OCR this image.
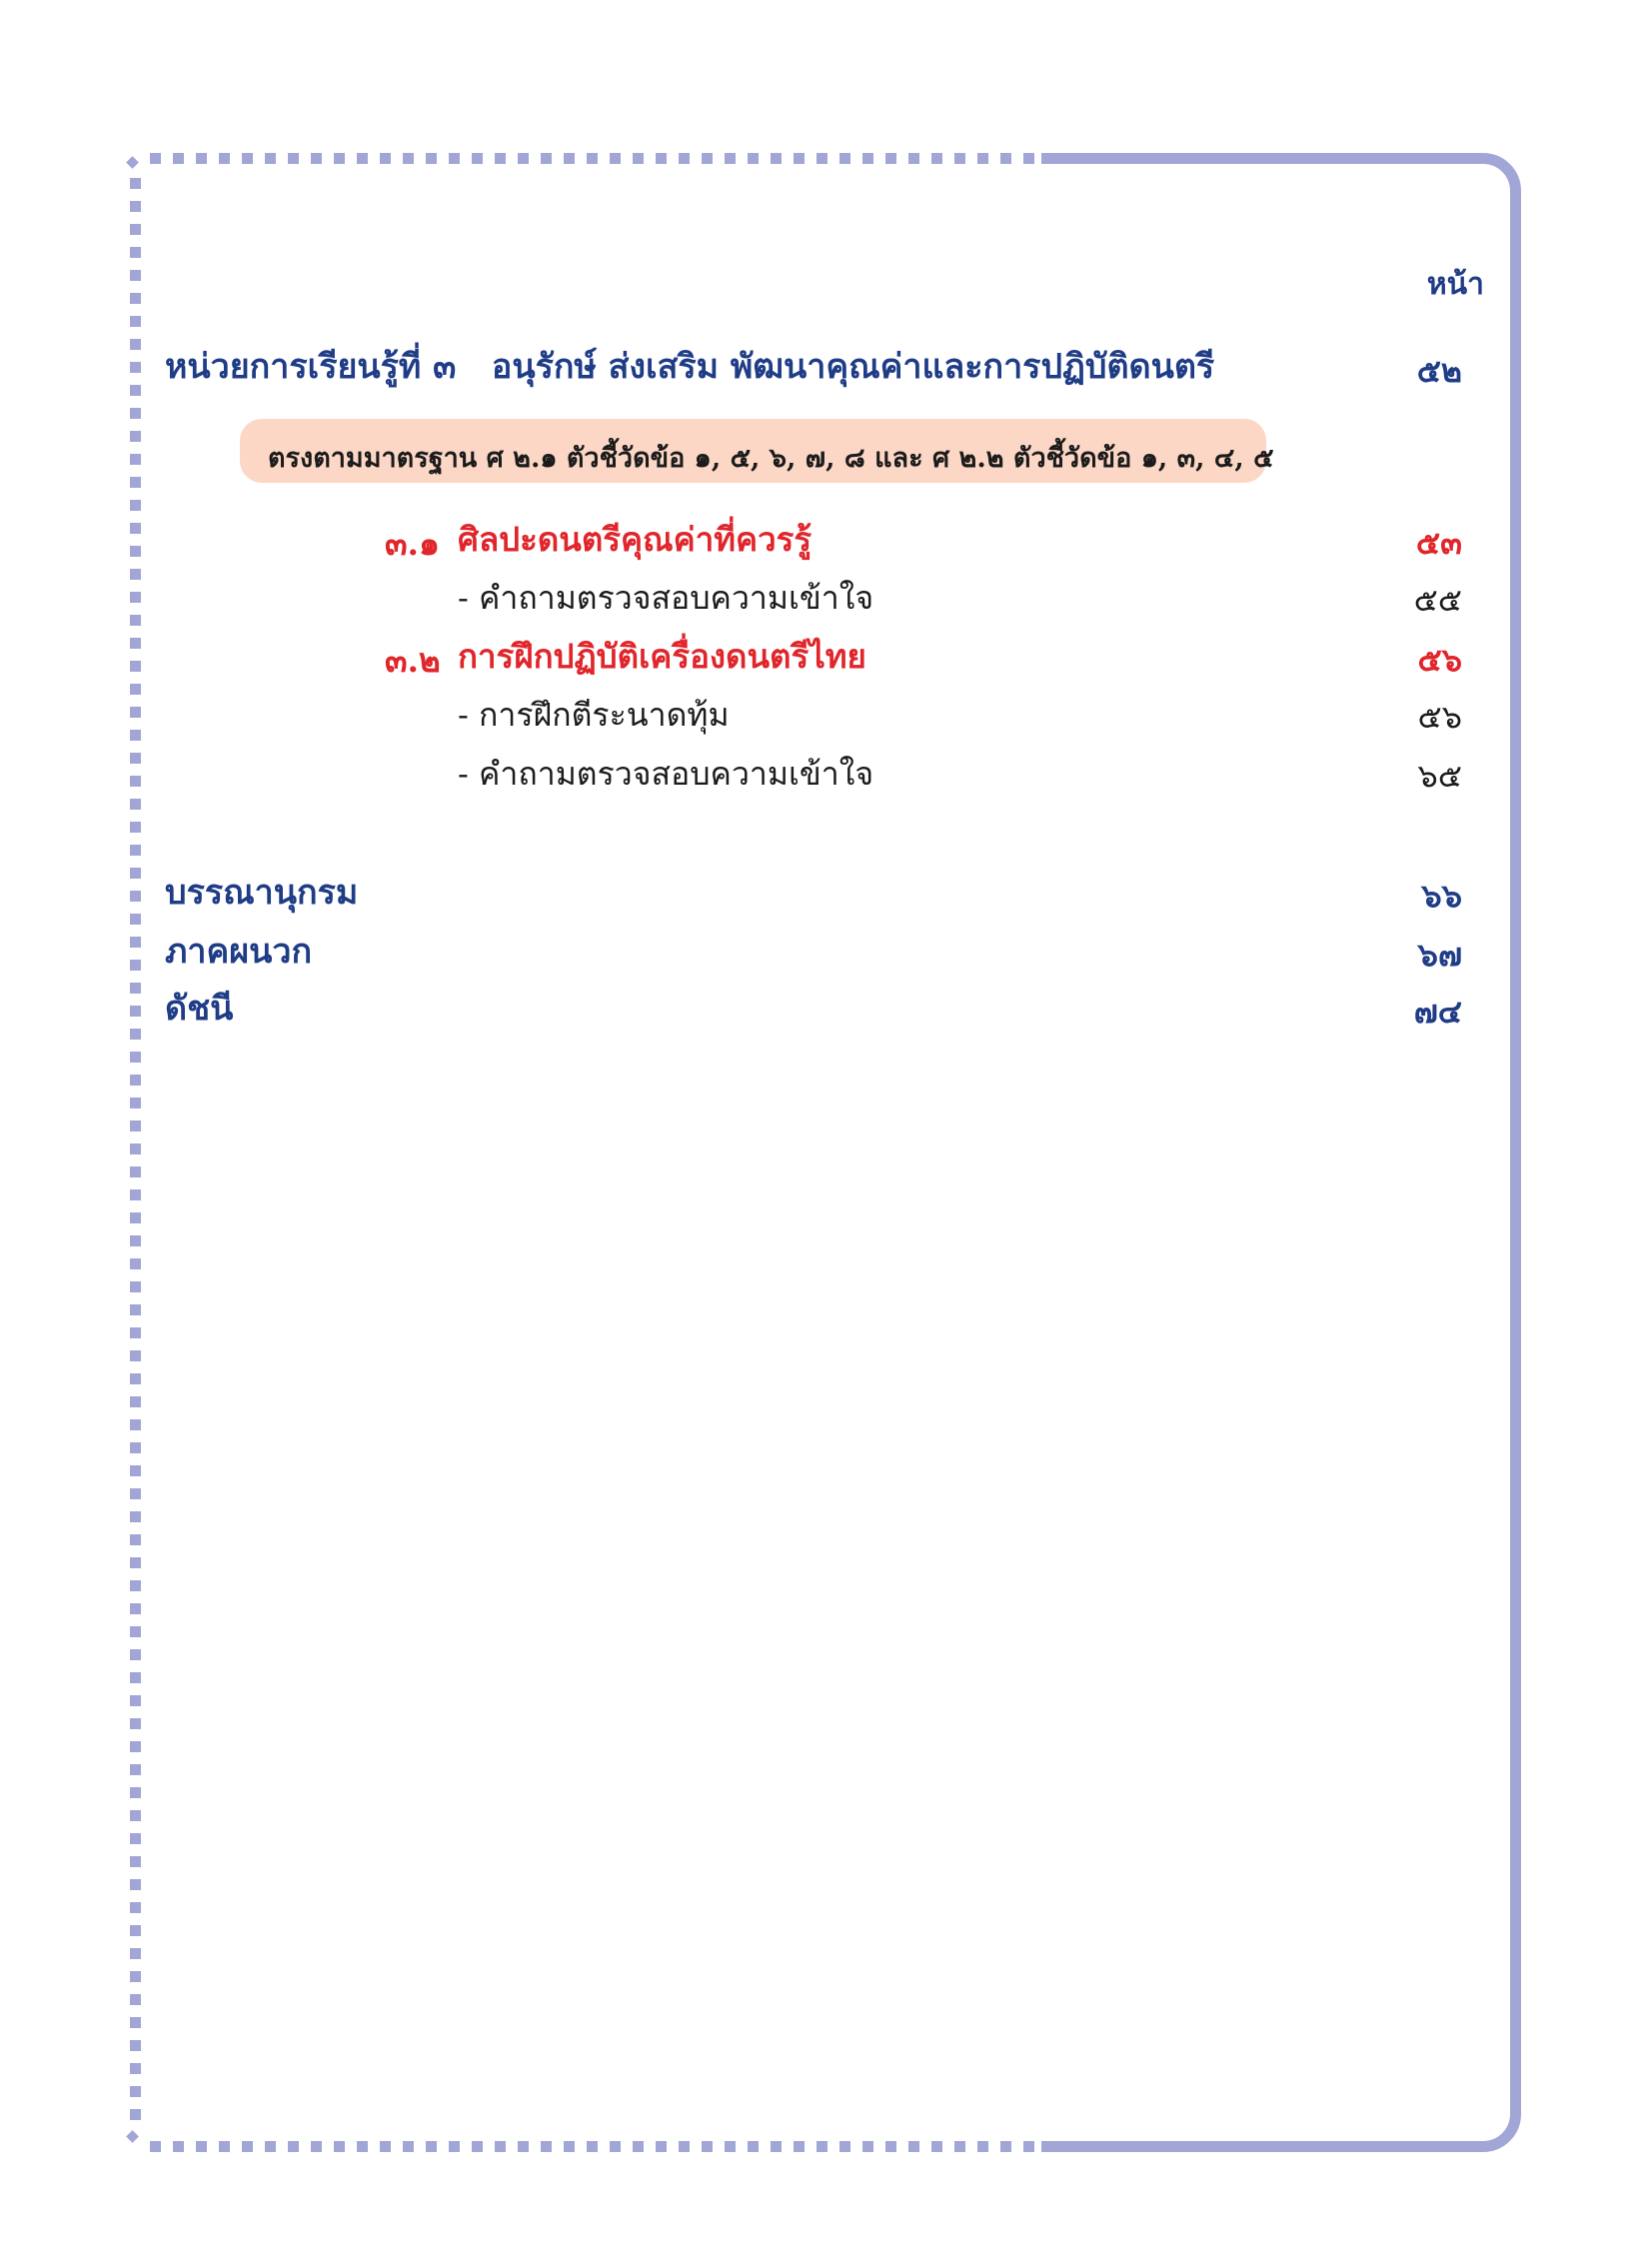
หน้า
หน่วยการเรียนรู้ที่ ๓   อนุรักษ์ ส่งเสริม พัฒนาคุณค่าและการปฏิบัติดนตรี	๕๒
ตรงตามมาตรฐาน ศ ๒.๑ ตัวชี้วัดข้อ ๑, ๕, ๖, ๗, ๘ และ ศ ๒.๒ ตัวชี้วัดข้อ ๑, ๓, ๔, ๕
๓.๑ ศิลปะดนตรีคุณค่าที่ควรรู้	๕๓
- คำถามตรวจสอบความเข้าใจ	๕๕
๓.๒ การฝึกปฏิบัติเครื่องดนตรีไทย	๕๖
- การฝึกตีระนาดทุ้ม	๕๖
- คำถามตรวจสอบความเข้าใจ	๖๕
บรรณานุกรม	๖๖
ภาคผนวก	๖๗
ดัชนี	๗๔
